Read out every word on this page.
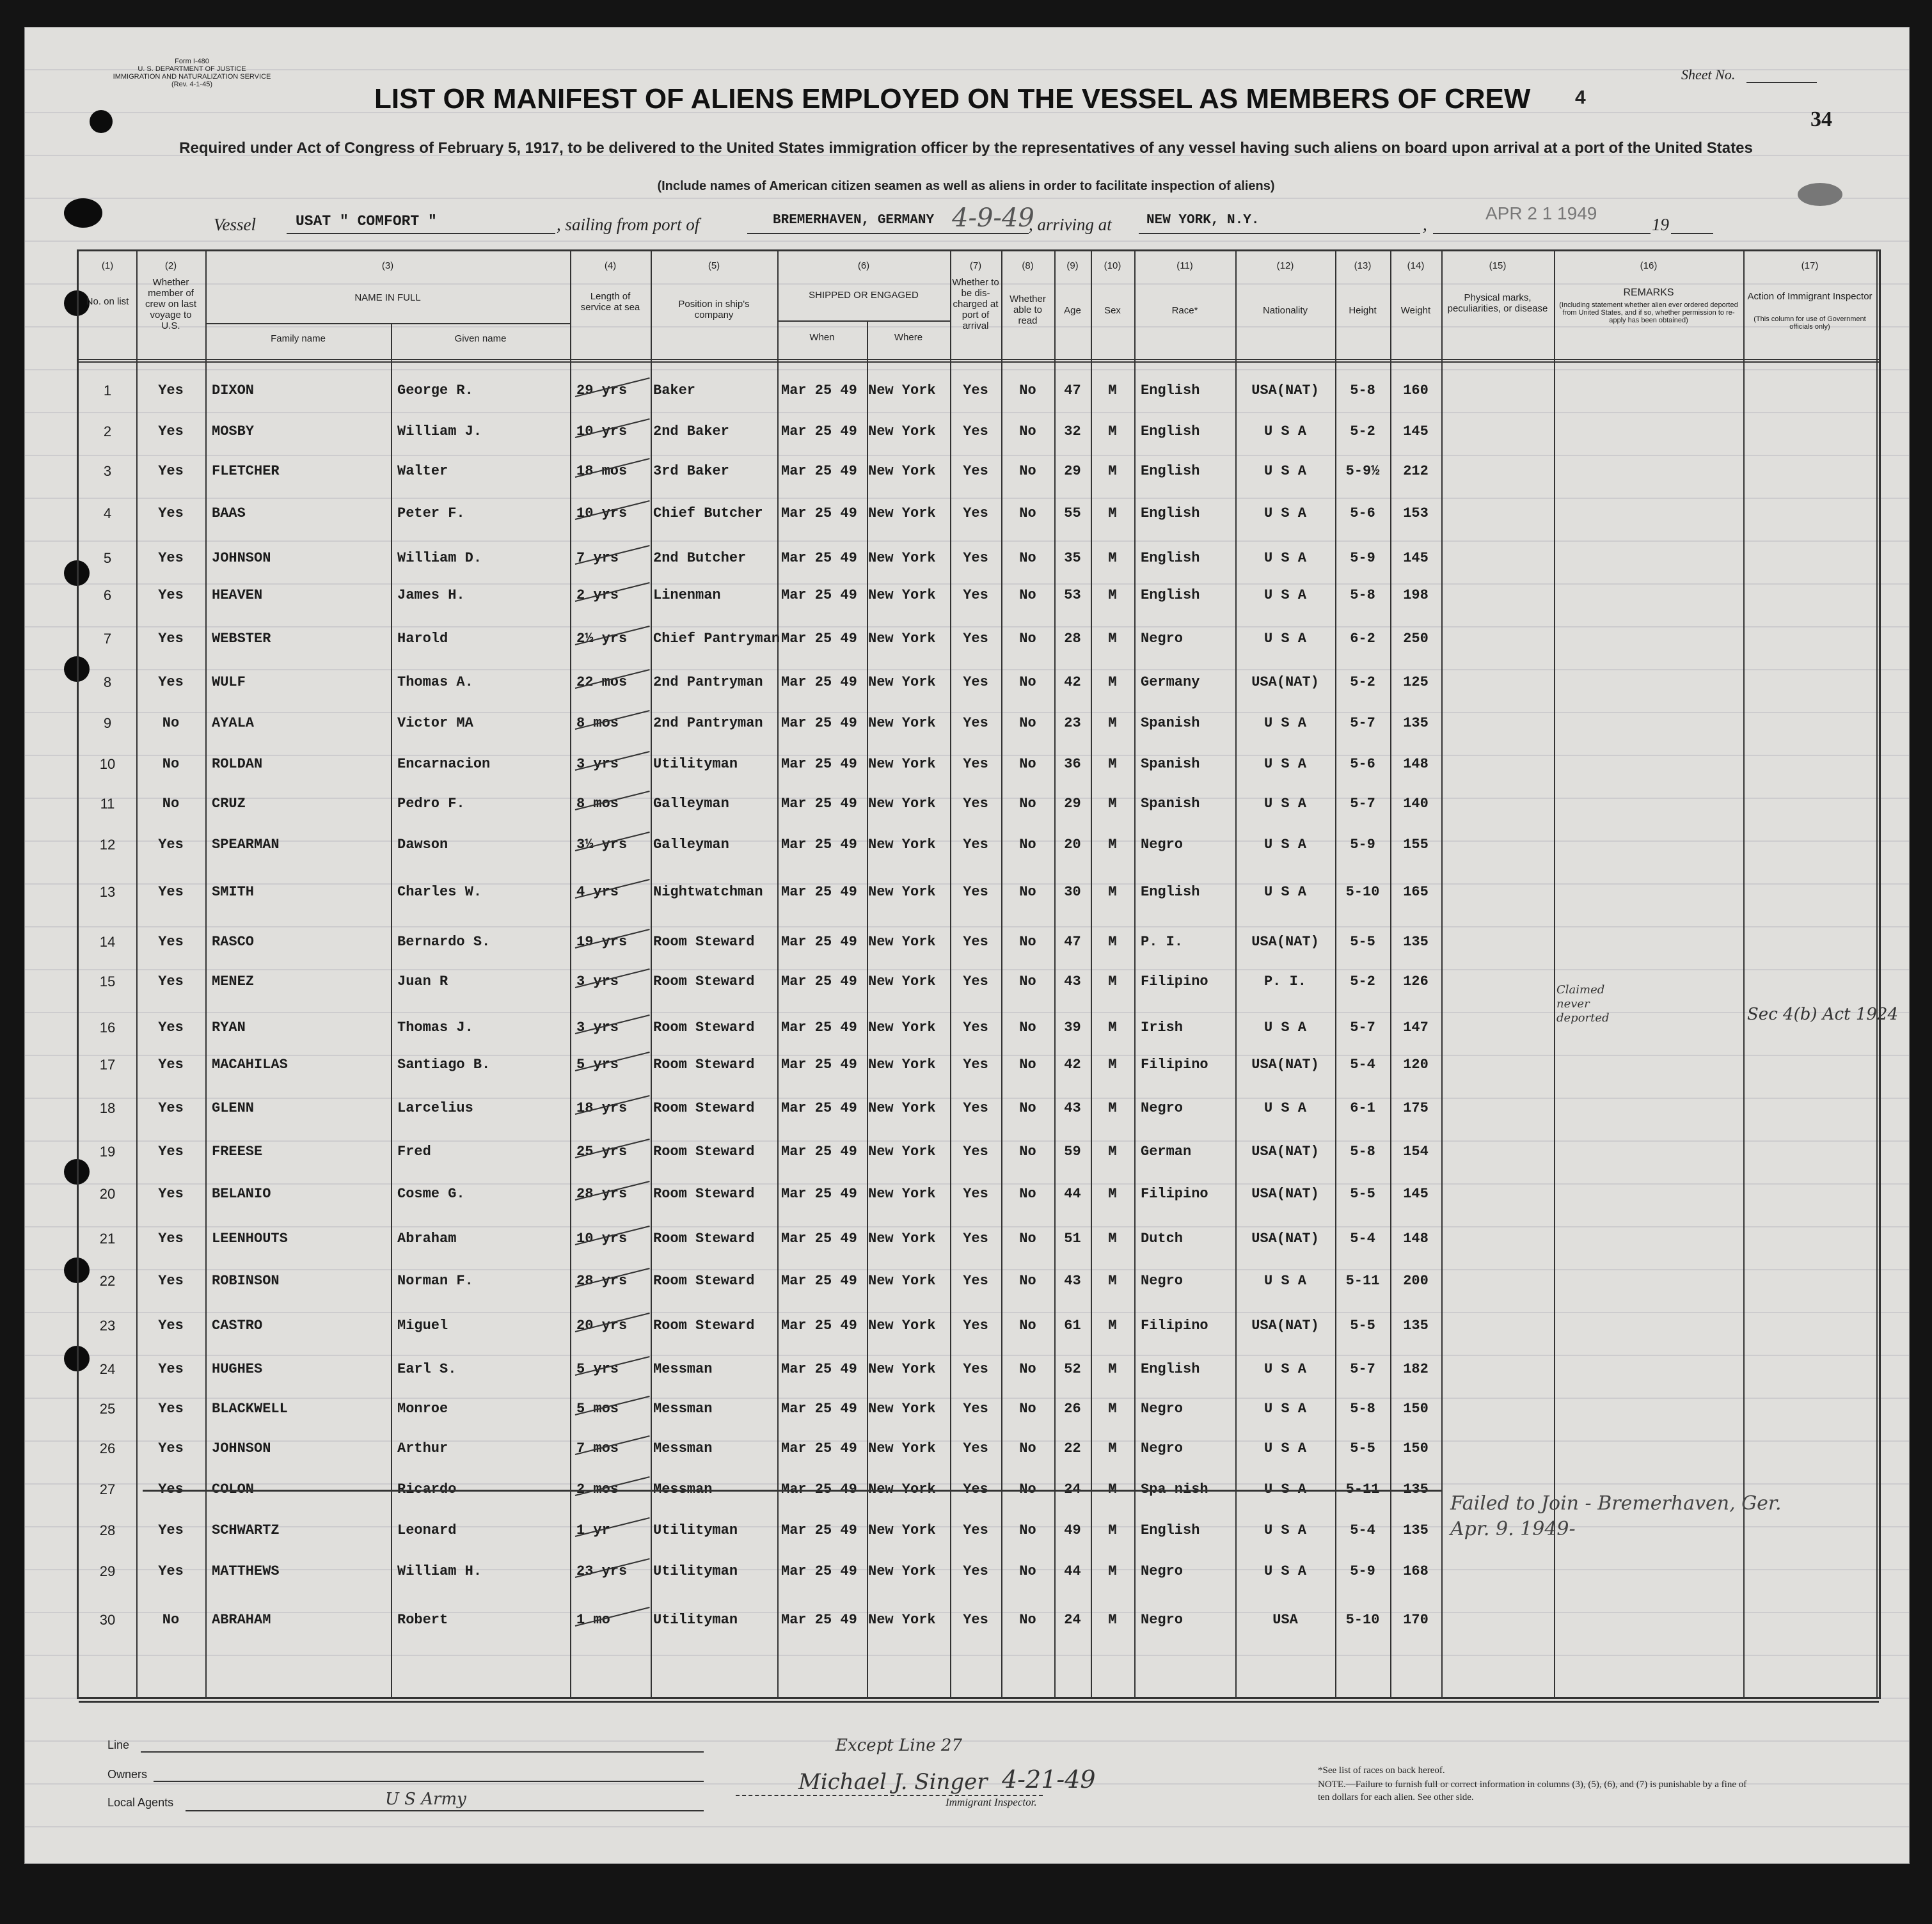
Form I-480
U. S. DEPARTMENT OF JUSTICE
IMMIGRATION AND NATURALIZATION SERVICE
(Rev. 4-1-45)
Sheet No.
34
LIST OR MANIFEST OF ALIENS EMPLOYED ON THE VESSEL AS MEMBERS OF CREW 4
Required under Act of Congress of February 5, 1917, to be delivered to the United States immigration officer by the representatives of any vessel having such aliens on board upon arrival at a port of the United States
(Include names of American citizen seamen as well as aliens in order to facilitate inspection of aliens)
Vessel	USAT " COMFORT "	, sailing from port of	BREMERHAVEN, GERMANY 4-9-49
, arriving at	NEW YORK, N.Y.	,
APR 2 1 1949
19
(1)
No. on list
(2)
Whether member of crew on last voyage to U.S.
(3)
NAME IN FULL
Family name	Given name
(4)
Length of service at sea
(5)
Position in ship's company
(6)
SHIPPED OR ENGAGED
When	Where
(7)
Whether to be dis-charged at port of arrival
(8)
Whether able to read
(9)
Age
(10)
Sex
(11)
Race*
(12)
Nationality
(13)
Height
(14)
Weight
(15)
Physical marks, peculiarities, or disease
(16)
REMARKS
(Including statement whether alien ever ordered deported from United States, and if so, whether permission to re-apply has been obtained)
(17)
Action of Immigrant Inspector
(This column for use of Government officials only)
1	Yes	DIXON	George R.	29 yrs	Baker	Mar 25 49 New York	Yes	No	47	M	English	USA(NAT)	5-8	160
2	Yes	MOSBY	William J.	10 yrs	2nd Baker	Mar 25 49 New York	Yes	No	32	M	English	U S A	5-2	145
3	Yes	FLETCHER	Walter	18 mos	3rd Baker	Mar 25 49 New York	Yes	No	29	M	English	U S A	5-9½	212
4	Yes	BAAS	Peter F.	10 yrs	Chief Butcher	Mar 25 49 New York	Yes	No	55	M	English	U S A	5-6	153
5	Yes	JOHNSON	William D.	7 yrs	2nd Butcher	Mar 25 49 New York	Yes	No	35	M	English	U S A	5-9	145
6	Yes	HEAVEN	James H.	2 yrs	Linenman	Mar 25 49 New York	Yes	No	53	M	English	U S A	5-8	198
7	Yes	WEBSTER	Harold	2½ yrs	Chief Pantryman Mar 25 49 New York	Yes	No	28	M	Negro	U S A	6-2	250
8	Yes	WULF	Thomas A.	22 mos	2nd Pantryman	Mar 25 49 New York	Yes	No	42	M	Germany	USA(NAT)	5-2	125
9	No	AYALA	Victor MA	8 mos	2nd Pantryman	Mar 25 49 New York	Yes	No	23	M	Spanish	U S A	5-7	135
10	No	ROLDAN	Encarnacion	3 yrs	Utilityman	Mar 25 49 New York	Yes	No	36	M	Spanish	U S A	5-6	148
11	No	CRUZ	Pedro F.	8 mos	Galleyman	Mar 25 49 New York	Yes	No	29	M	Spanish	U S A	5-7	140
12	Yes	SPEARMAN	Dawson	3½ yrs	Galleyman	Mar 25 49 New York	Yes	No	20	M	Negro	U S A	5-9	155
13	Yes	SMITH	Charles W.	4 yrs	Nightwatchman	Mar 25 49 New York	Yes	No	30	M	English	U S A	5-10	165
14	Yes	RASCO	Bernardo S.	19 yrs	Room Steward	Mar 25 49 New York	Yes	No	47	M	P. I.	USA(NAT)	5-5	135
15	Yes	MENEZ	Juan R	3 yrs	Room Steward	Mar 25 49 New York	Yes	No	43	M	Filipino	P. I.	5-2	126
16	Yes	RYAN	Thomas J.	3 yrs	Room Steward	Mar 25 49 New York	Yes	No	39	M	Irish	U S A	5-7	147
17	Yes	MACAHILAS	Santiago B.	5 yrs	Room Steward	Mar 25 49 New York	Yes	No	42	M	Filipino	USA(NAT)	5-4	120
18	Yes	GLENN	Larcelius	18 yrs	Room Steward	Mar 25 49 New York	Yes	No	43	M	Negro	U S A	6-1	175
19	Yes	FREESE	Fred	25 yrs	Room Steward	Mar 25 49 New York	Yes	No	59	M	German	USA(NAT)	5-8	154
20	Yes	BELANIO	Cosme G.	28 yrs	Room Steward	Mar 25 49 New York	Yes	No	44	M	Filipino	USA(NAT)	5-5	145
21	Yes	LEENHOUTS	Abraham	10 yrs	Room Steward	Mar 25 49 New York	Yes	No	51	M	Dutch	USA(NAT)	5-4	148
22	Yes	ROBINSON	Norman F.	28 yrs	Room Steward	Mar 25 49 New York	Yes	No	43	M	Negro	U S A	5-11	200
23	Yes	CASTRO	Miguel	20 yrs	Room Steward	Mar 25 49 New York	Yes	No	61	M	Filipino	USA(NAT)	5-5	135
24	Yes	HUGHES	Earl S.	5 yrs	Messman	Mar 25 49 New York	Yes	No	52	M	English	U S A	5-7	182
25	Yes	BLACKWELL	Monroe	5 mos	Messman	Mar 25 49 New York	Yes	No	26	M	Negro	U S A	5-8	150
26	Yes	JOHNSON	Arthur	7 mos	Messman	Mar 25 49 New York	Yes	No	22	M	Negro	U S A	5-5	150
27	Yes	COLON	Ricardo	2 mos	Messman	Mar 25 49 New York	Yes	No	24	M	Spa nish	U S A	5-11	135
28	Yes	SCHWARTZ	Leonard	1 yr	Utilityman	Mar 25 49 New York	Yes	No	49	M	English	U S A	5-4	135
29	Yes	MATTHEWS	William H.	23 yrs	Utilityman	Mar 25 49 New York	Yes	No	44	M	Negro	U S A	5-9	168
30	No	ABRAHAM	Robert	1 mo	Utilityman	Mar 25 49 New York	Yes	No	24	M	Negro	USA	5-10	170
Claimed never deported	Sec 4(b) Act 1924
Failed to Join - Bremerhaven, Ger.
Apr. 9. 1949-
Line
Owners
Local Agents	U S Army
Except Line 27
Michael J. Singer 4-21-49
Immigrant Inspector.
*See list of races on back hereof.
NOTE.—Failure to furnish full or correct information in columns (3), (5), (6), and (7) is punishable by a fine of ten dollars for each alien. See other side.
